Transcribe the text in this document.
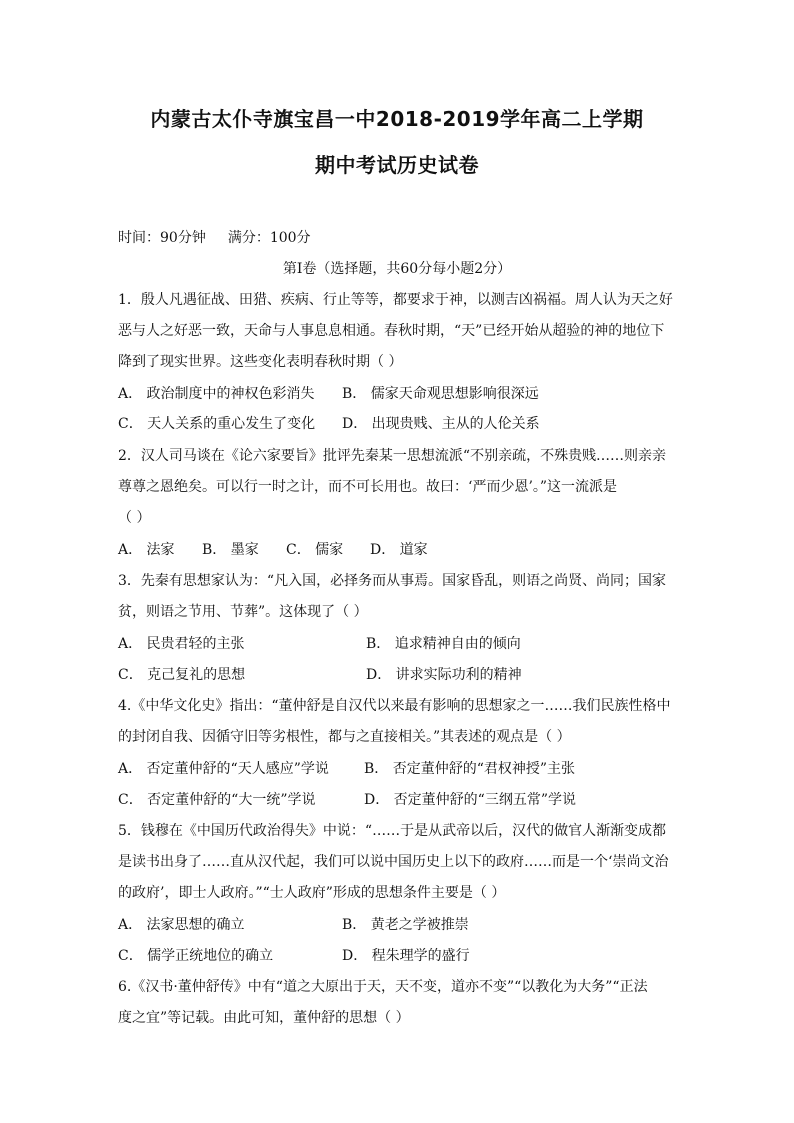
内蒙古太仆寺旗宝昌一中2018-2019学年高二上学期
期中考试历史试卷
时间：90分钟 满分：100分
第Ⅰ卷（选择题，共60分每小题2分）
1．殷人凡遇征战、田猎、疾病、行止等等，都要求于神，以测吉凶祸福。周人认为天之好
恶与人之好恶一致，天命与人事息息相通。春秋时期，“天”已经开始从超验的神的地位下
降到了现实世界。这些变化表明春秋时期（ ）
A． 政治制度中的神权色彩消失 B． 儒家天命观思想影响很深远
C． 天人关系的重心发生了变化 D． 出现贵贱、主从的人伦关系
2．汉人司马谈在《论六家要旨》批评先秦某一思想流派“不别亲疏，不殊贵贱……则亲亲
尊尊之恩绝矣。可以行一时之计，而不可长用也。故曰：‘严而少恩’。”这一流派是
（ ）
A． 法家 B． 墨家 C． 儒家 D． 道家
3．先秦有思想家认为：“凡入国，必择务而从事焉。国家昏乱，则语之尚贤、尚同；国家
贫，则语之节用、节葬”。这体现了（ ）
A． 民贵君轻的主张	B． 追求精神自由的倾向
C． 克己复礼的思想	D． 讲求实际功利的精神
4.《中华文化史》指出：“董仲舒是自汉代以来最有影响的思想家之一……我们民族性格中
的封闭自我、因循守旧等劣根性，都与之直接相关。”其表述的观点是（ ）
A． 否定董仲舒的“天人感应”学说	B． 否定董仲舒的“君权神授”主张
C． 否定董仲舒的“大一统”学说	D． 否定董仲舒的“三纲五常”学说
5．钱穆在《中国历代政治得失》中说：“……于是从武帝以后，汉代的做官人渐渐变成都
是读书出身了……直从汉代起，我们可以说中国历史上以下的政府……而是一个‘崇尚文治
的政府’，即士人政府。”“士人政府”形成的思想条件主要是（ ）
A． 法家思想的确立	B． 黄老之学被推崇
C． 儒学正统地位的确立	D． 程朱理学的盛行
6.《汉书·董仲舒传》中有“道之大原出于天，天不变，道亦不变”“以教化为大务”“正法
度之宜”等记载。由此可知，董仲舒的思想（ ）
